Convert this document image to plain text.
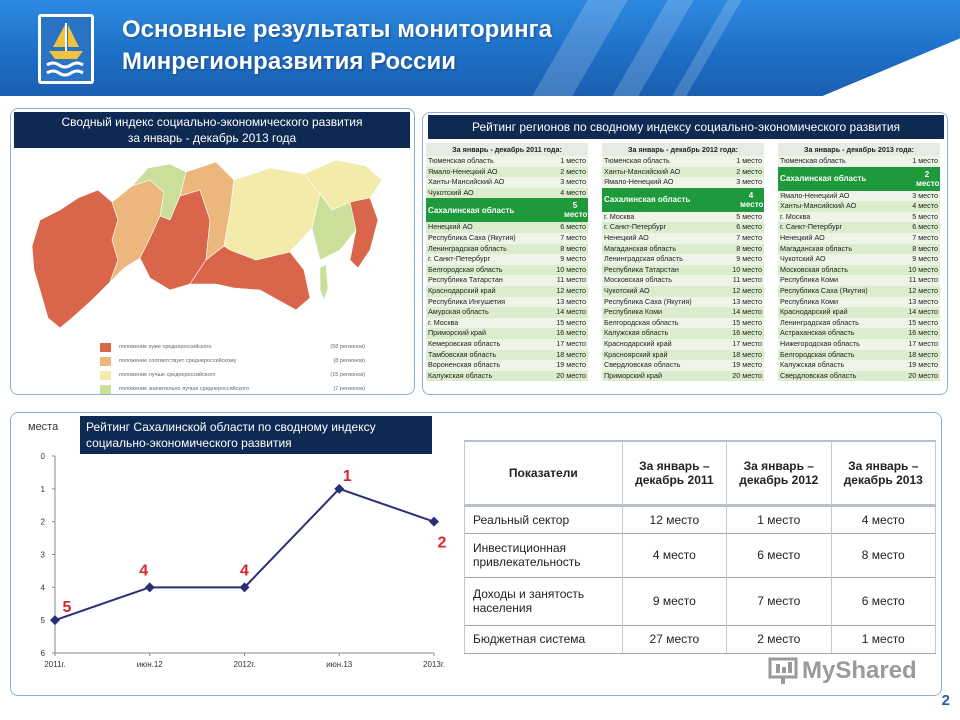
Основные результаты мониторинга
Минрегионразвития России
Сводный индекс социально-экономического развития
за январь - декабрь 2013 года
положение хуже среднероссийского	(58 регионов)
положение соответствует среднероссийскому	(8 регионов)
положение лучше среднероссийского	(15 регионов)
положение значительно лучше среднероссийского	(7 регионов)
Рейтинг регионов по сводному индексу социально-экономического развития
За январь - декабрь 2011 года:
Тюменская область	1 место
Ямало-Ненецкий АО	2 место
Ханты-Мансийский АО	3 место
Чукотский АО	4 место
Сахалинская область	5 место
Ненецкий АО	6 место
Республика Саха (Якутия)	7 место
Ленинградская область	8 место
г. Санкт-Петербург	9 место
Белгородская область	10 место
Республика Татарстан	11 место
Краснодарский край	12 место
Республика Ингушетия	13 место
Амурская область	14 место
г. Москва	15 место
Приморский край	16 место
Кемеровская область	17 место
Тамбовская область	18 место
Вороненская область	19 место
Калужская область	20 место
За январь - декабрь 2012 года:
Тюменская область	1 место
Ханты-Мансийский АО	2 место
Ямало-Ненецкий АО	3 место
Сахалинская область	4 место
г. Москва	5 место
г. Санкт-Петербург	6 место
Ненецкий АО	7 место
Магаданская область	8 место
Ленинградская область	9 место
Республика Татарстан	10 место
Московская область	11 место
Чукотский АО	12 место
Республика Саха (Якутия)	13 место
Республика Коми	14 место
Белгородская область	15 место
Калужская область	16 место
Краснодарский край	17 место
Красноярский край	18 место
Свердловская область	19 место
Приморский край	20 место
За январь - декабрь 2013 года:
Тюменская область	1 место
Сахалинская область	2 место
Ямало-Ненецкий АО	3 место
Ханты-Мансийский АО	4 место
г. Москва	5 место
г. Санкт-Петербург	6 место
Ненецкий АО	7 место
Магаданская область	8 место
Чукотский АО	9 место
Московская область	10 место
Республика Коми	11 место
Республика Саха (Якутия)	12 место
Республика Коми	13 место
Краснодарский край	14 место
Ленинградская область	15 место
Астраханская область	16 место
Нижегородская область	17 место
Белгородская область	18 место
Калужская область	19 место
Свердловская область	20 место
места Рейтинг Сахалинской области по сводному индексу
социально-экономического развития
0
1
2
3
4
5
6
2011г.	июн.12	2012г.	июн.13	2013г.
5
4	4
1
2
Показатели	За январь – декабрь 2011	За январь – декабрь 2012	За январь – декабрь 2013
Реальный сектор	12 место	1 место	4 место
Инвестиционная привлекательность	4 место	6 место	8 место
Доходы и занятость населения	9 место	7 место	6 место
Бюджетная система	27 место	2 место	1 место
MyShared
2
